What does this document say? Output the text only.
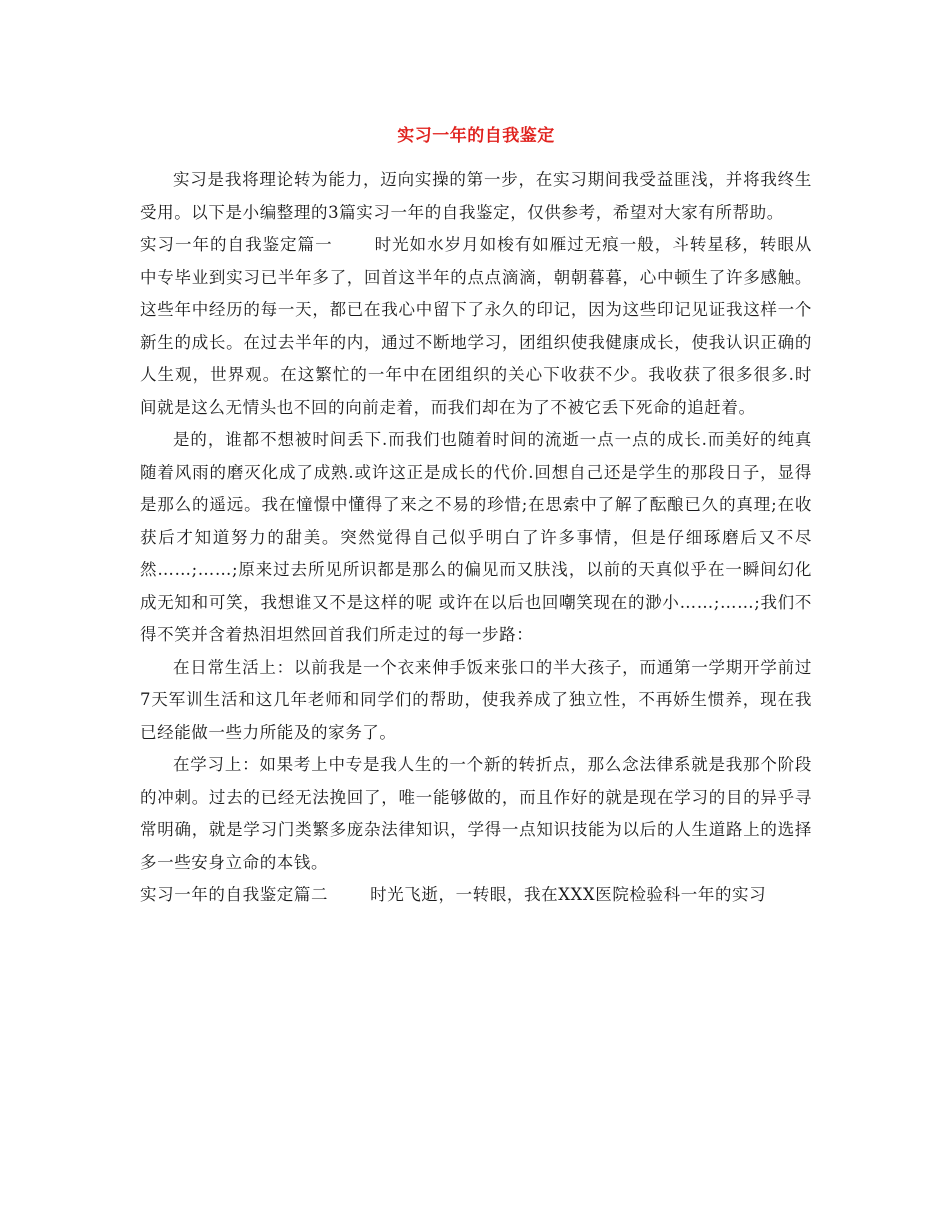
实习一年的自我鉴定

实习是我将理论转为能力，迈向实操的第一步，在实习期间我受益匪浅，并将我终生受用。以下是小编整理的3篇实习一年的自我鉴定，仅供参考，希望对大家有所帮助。

实习一年的自我鉴定篇一	时光如水岁月如梭有如雁过无痕一般，斗转星移，转眼从中专毕业到实习已半年多了，回首这半年的点点滴滴，朝朝暮暮，心中顿生了许多感触。这些年中经历的每一天，都已在我心中留下了永久的印记，因为这些印记见证我这样一个新生的成长。在过去半年的内，通过不断地学习，团组织使我健康成长，使我认识正确的人生观，世界观。在这繁忙的一年中在团组织的关心下收获不少。我收获了很多很多.时间就是这么无情头也不回的向前走着，而我们却在为了不被它丢下死命的追赶着。

是的，谁都不想被时间丢下.而我们也随着时间的流逝一点一点的成长.而美好的纯真随着风雨的磨灭化成了成熟.或许这正是成长的代价.回想自己还是学生的那段日子，显得是那么的遥远。我在憧憬中懂得了来之不易的珍惜;在思索中了解了酝酿已久的真理;在收获后才知道努力的甜美。突然觉得自己似乎明白了许多事情，但是仔细琢磨后又不尽然……;……;原来过去所见所识都是那么的偏见而又肤浅，以前的天真似乎在一瞬间幻化成无知和可笑，我想谁又不是这样的呢 或许在以后也回嘲笑现在的渺小……;……;我们不得不笑并含着热泪坦然回首我们所走过的每一步路：

在日常生活上：以前我是一个衣来伸手饭来张口的半大孩子，而通第一学期开学前过7天军训生活和这几年老师和同学们的帮助，使我养成了独立性，不再娇生惯养，现在我已经能做一些力所能及的家务了。

在学习上：如果考上中专是我人生的一个新的转折点，那么念法律系就是我那个阶段的冲刺。过去的已经无法挽回了，唯一能够做的，而且作好的就是现在学习的目的异乎寻常明确，就是学习门类繁多庞杂法律知识，学得一点知识技能为以后的人生道路上的选择多一些安身立命的本钱。

实习一年的自我鉴定篇二	时光飞逝，一转眼，我在XXX医院检验科一年的实习
